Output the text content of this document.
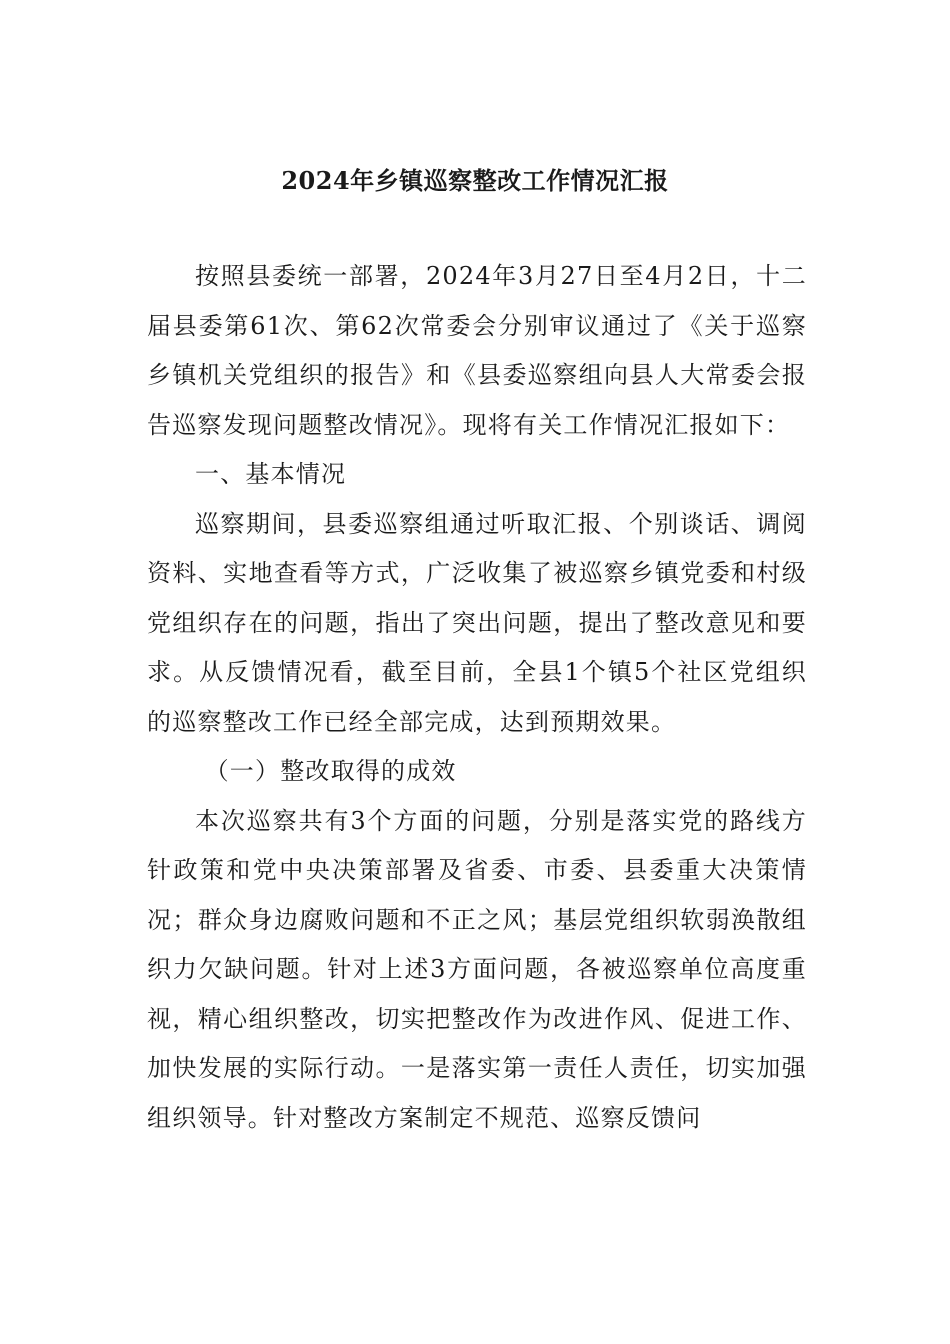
2024年乡镇巡察整改工作情况汇报

按照县委统一部署，2024年3月27日至4月2日，十二届县委第61次、第62次常委会分别审议通过了《关于巡察乡镇机关党组织的报告》和《县委巡察组向县人大常委会报告巡察发现问题整改情况》。现将有关工作情况汇报如下：

一、基本情况

巡察期间，县委巡察组通过听取汇报、个别谈话、调阅资料、实地查看等方式，广泛收集了被巡察乡镇党委和村级党组织存在的问题，指出了突出问题，提出了整改意见和要求。从反馈情况看，截至目前，全县1个镇5个社区党组织的巡察整改工作已经全部完成，达到预期效果。

（一）整改取得的成效

本次巡察共有3个方面的问题，分别是落实党的路线方针政策和党中央决策部署及省委、市委、县委重大决策情况；群众身边腐败问题和不正之风；基层党组织软弱涣散组织力欠缺问题。针对上述3方面问题，各被巡察单位高度重视，精心组织整改，切实把整改作为改进作风、促进工作、加快发展的实际行动。一是落实第一责任人责任，切实加强组织领导。针对整改方案制定不规范、巡察反馈问
